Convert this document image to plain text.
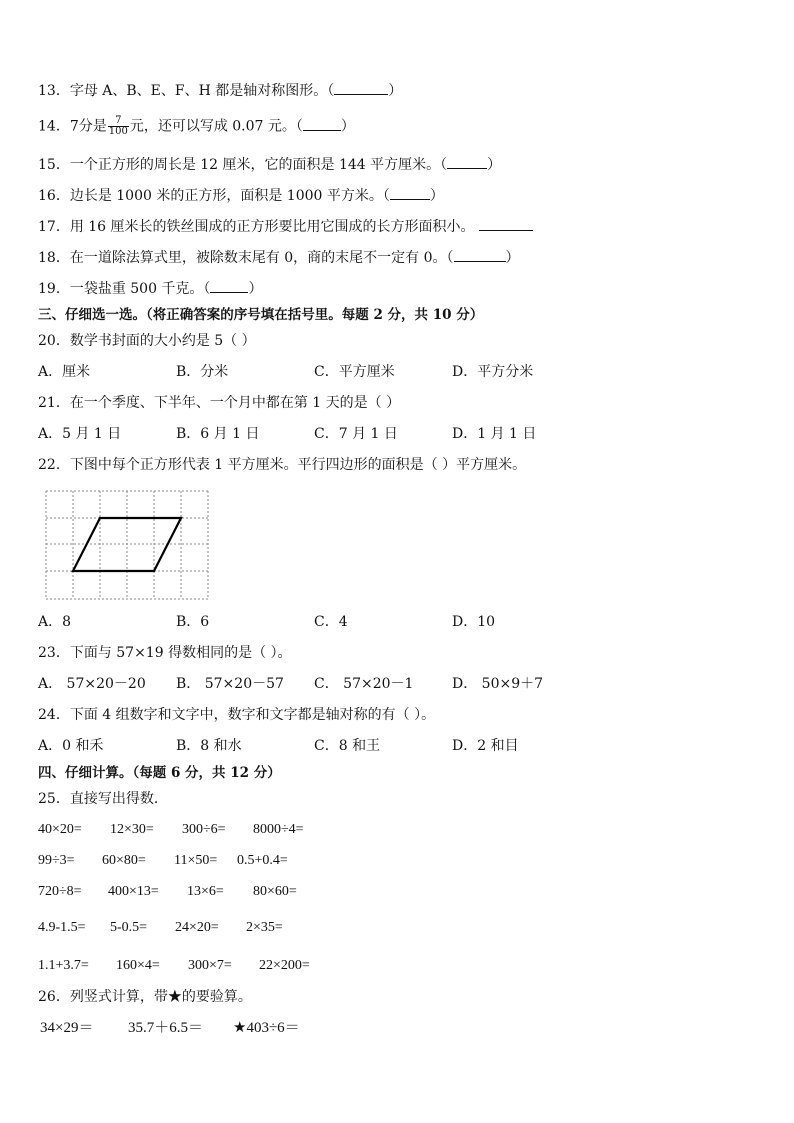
13．字母 A、B、E、F、H 都是轴对称图形。（	）
14．7分是 $\frac{7}{100}$ 元，还可以写成 0.07 元。（	）
15．一个正方形的周长是 12 厘米，它的面积是 144 平方厘米。（	）
16．边长是 1000 米的正方形，面积是 1000 平方米。（	）
17．用 16 厘米长的铁丝围成的正方形要比用它围成的长方形面积小。
18．在一道除法算式里，被除数末尾有 0，商的末尾不一定有 0。（	）
19．一袋盐重 500 千克。（	）
三、仔细选一选。（将正确答案的序号填在括号里。每题 2 分，共 10 分）
20．数学书封面的大小约是 5（ ）
A．厘米	B．分米	C．平方厘米	D．平方分米
21．在一个季度、下半年、一个月中都在第 1 天的是（ ）
A．5 月 1 日	B．6 月 1 日	C．7 月 1 日	D．1 月 1 日
22．下图中每个正方形代表 1 平方厘米。平行四边形的面积是（ ）平方厘米。
A．8	B．6	C．4	D．10
23．下面与 57×19 得数相同的是（ ）。
A． 57×20－20 B． 57×20－57 C． 57×20－1	D． 50×9＋7
24．下面 4 组数字和文字中，数字和文字都是轴对称的有（ ）。
A．0 和禾	B．8 和水	C．8 和王	D．2 和目
四、仔细计算。（每题 6 分，共 12 分）
25．直接写出得数．
40×20= 12×30= 300÷6= 8000÷4=
99÷3= 60×80= 11×50= 0.5+0.4=
720÷8= 400×13= 13×6= 80×60=
4.9-1.5= 5-0.5= 24×20= 2×35=
1.1+3.7= 160×4= 300×7= 22×200=
26．列竖式计算，带★的要验算。
34×29＝ 35.7＋6.5＝ ★403÷6＝
